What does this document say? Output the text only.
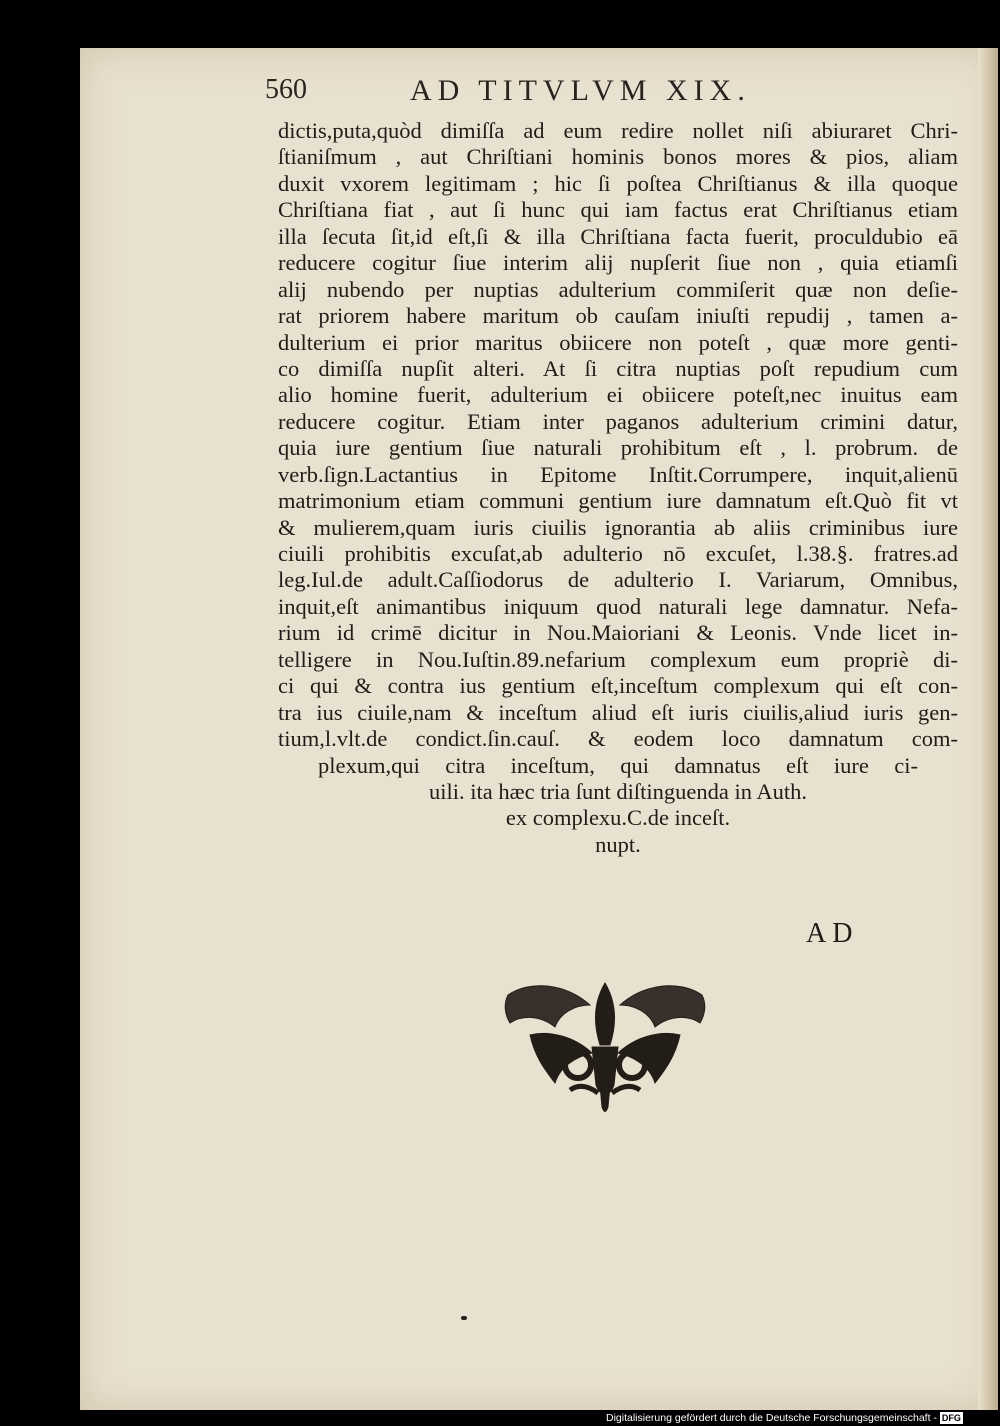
560	AD TITVLVM XIX.
dictis,puta,quòd dimiſſa ad eum redire nollet niſi abiuraret Chri-
ſtianiſmum , aut Chriſtiani hominis bonos mores & pios, aliam
duxit vxorem legitimam ; hic ſi poſtea Chriſtianus & illa quoque
Chriſtiana fiat , aut ſi hunc qui iam factus erat Chriſtianus etiam
illa ſecuta ſit,id eſt,ſi & illa Chriſtiana facta fuerit, proculdubio eā
reducere cogitur ſiue interim alij nupſerit ſiue non , quia etiamſi
alij nubendo per nuptias adulterium commiſerit quæ non deſie-
rat priorem habere maritum ob cauſam iniuſti repudij , tamen a-
dulterium ei prior maritus obiicere non poteſt , quæ more genti-
co dimiſſa nupſit alteri. At ſi citra nuptias poſt repudium cum
alio homine fuerit, adulterium ei obiicere poteſt,nec inuitus eam
reducere cogitur. Etiam inter paganos adulterium crimini datur,
quia iure gentium ſiue naturali prohibitum eſt , l. probrum. de
verb.ſign.Lactantius in Epitome Inſtit.Corrumpere, inquit,alienū
matrimonium etiam communi gentium iure damnatum eſt.Quò fit vt
& mulierem,quam iuris ciuilis ignorantia ab aliis criminibus iure
ciuili prohibitis excuſat,ab adulterio nō excuſet, l.38.§. fratres.ad
leg.Iul.de adult.Caſſiodorus de adulterio I. Variarum, Omnibus,
inquit,eſt animantibus iniquum quod naturali lege damnatur. Nefa-
rium id crimē dicitur in Nou.Maioriani & Leonis. Vnde licet in-
telligere in Nou.Iuſtin.89.nefarium complexum eum propriè di-
ci qui & contra ius gentium eſt,inceſtum complexum qui eſt con-
tra ius ciuile,nam & inceſtum aliud eſt iuris ciuilis,aliud iuris gen-
tium,l.vlt.de condict.ſin.cauſ. & eodem loco damnatum com-
plexum,qui citra inceſtum, qui damnatus eſt iure ci-
uili. ita hæc tria ſunt diſtinguenda in Auth.
ex complexu.C.de inceſt.
nupt.
AD
Digitalisierung gefördert durch die Deutsche Forschungsgemeinschaft - DFG
